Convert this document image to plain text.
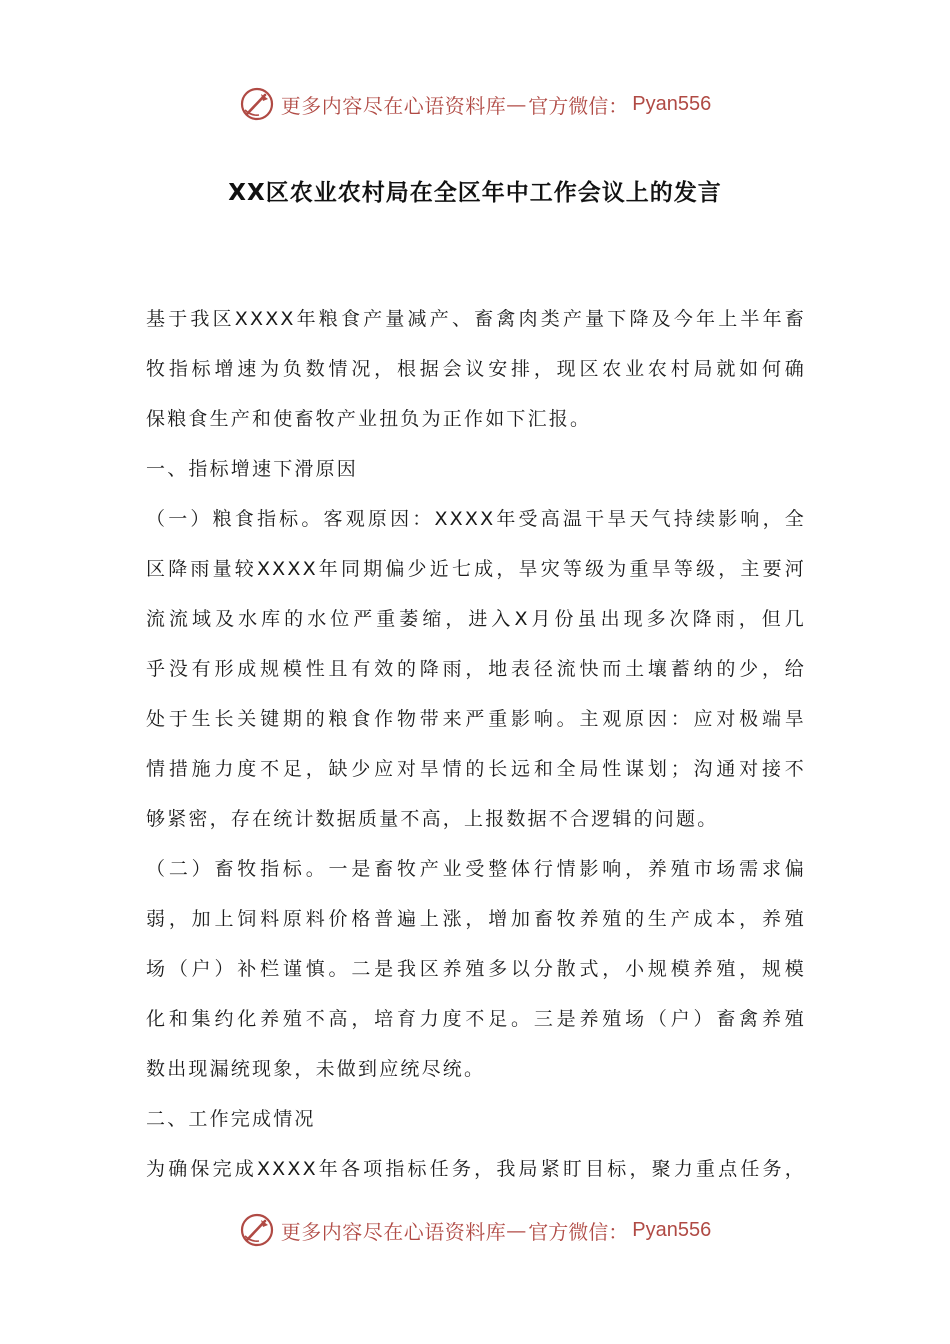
更多内容尽在心语资料库 — 官方微信： Pyan556
XX区农业农村局在全区年中工作会议上的发言

基于我区XXXX年粮食产量减产、畜禽肉类产量下降及今年上半年畜

牧指标增速为负数情况，根据会议安排，现区农业农村局就如何确

保粮食生产和使畜牧产业扭负为正作如下汇报。

一、指标增速下滑原因

（一）粮食指标。客观原因：XXXX年受高温干旱天气持续影响，全

区降雨量较XXXX年同期偏少近七成，旱灾等级为重旱等级，主要河

流流域及水库的水位严重萎缩，进入X月份虽出现多次降雨，但几

乎没有形成规模性且有效的降雨，地表径流快而土壤蓄纳的少，给

处于生长关键期的粮食作物带来严重影响。主观原因：应对极端旱

情措施力度不足，缺少应对旱情的长远和全局性谋划；沟通对接不

够紧密，存在统计数据质量不高，上报数据不合逻辑的问题。

（二）畜牧指标。一是畜牧产业受整体行情影响，养殖市场需求偏

弱，加上饲料原料价格普遍上涨，增加畜牧养殖的生产成本，养殖

场（户）补栏谨慎。二是我区养殖多以分散式，小规模养殖，规模

化和集约化养殖不高，培育力度不足。三是养殖场（户）畜禽养殖

数出现漏统现象，未做到应统尽统。

二、工作完成情况

为确保完成XXXX年各项指标任务，我局紧盯目标，聚力重点任务，

更多内容尽在心语资料库 — 官方微信： Pyan556
